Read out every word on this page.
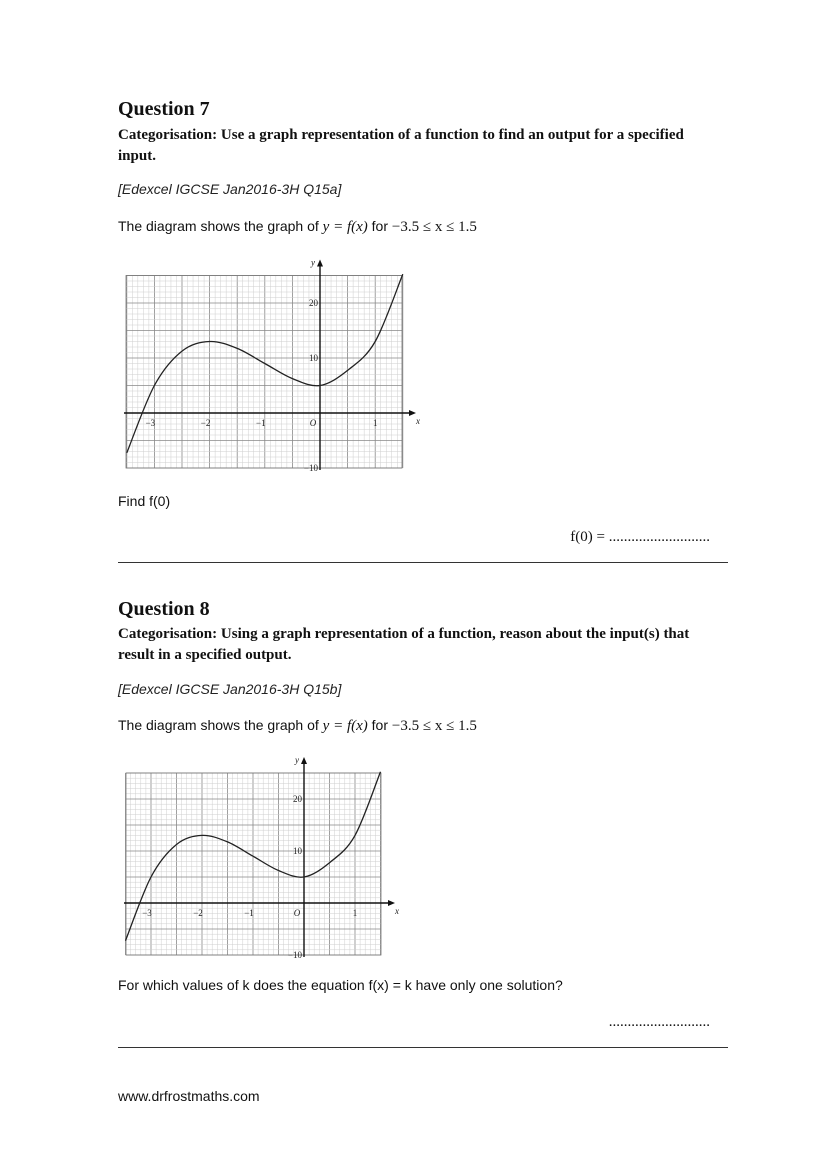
Question 7
Categorisation: Use a graph representation of a function to find an output for a specified input.
[Edexcel IGCSE Jan2016-3H Q15a]
The diagram shows the graph of y = f(x) for −3.5 ≤ x ≤ 1.5
x
y
O
−3	−2	−1	1
20
10
−10
Find f(0)
f(0) = ...........................
Question 8
Categorisation: Using a graph representation of a function, reason about the input(s) that result in a specified output.
[Edexcel IGCSE Jan2016-3H Q15b]
The diagram shows the graph of y = f(x) for −3.5 ≤ x ≤ 1.5
x
y
O
−3	−2	−1	1
20
10
−10
For which values of k does the equation f(x) = k have only one solution?
...........................
www.drfrostmaths.com
